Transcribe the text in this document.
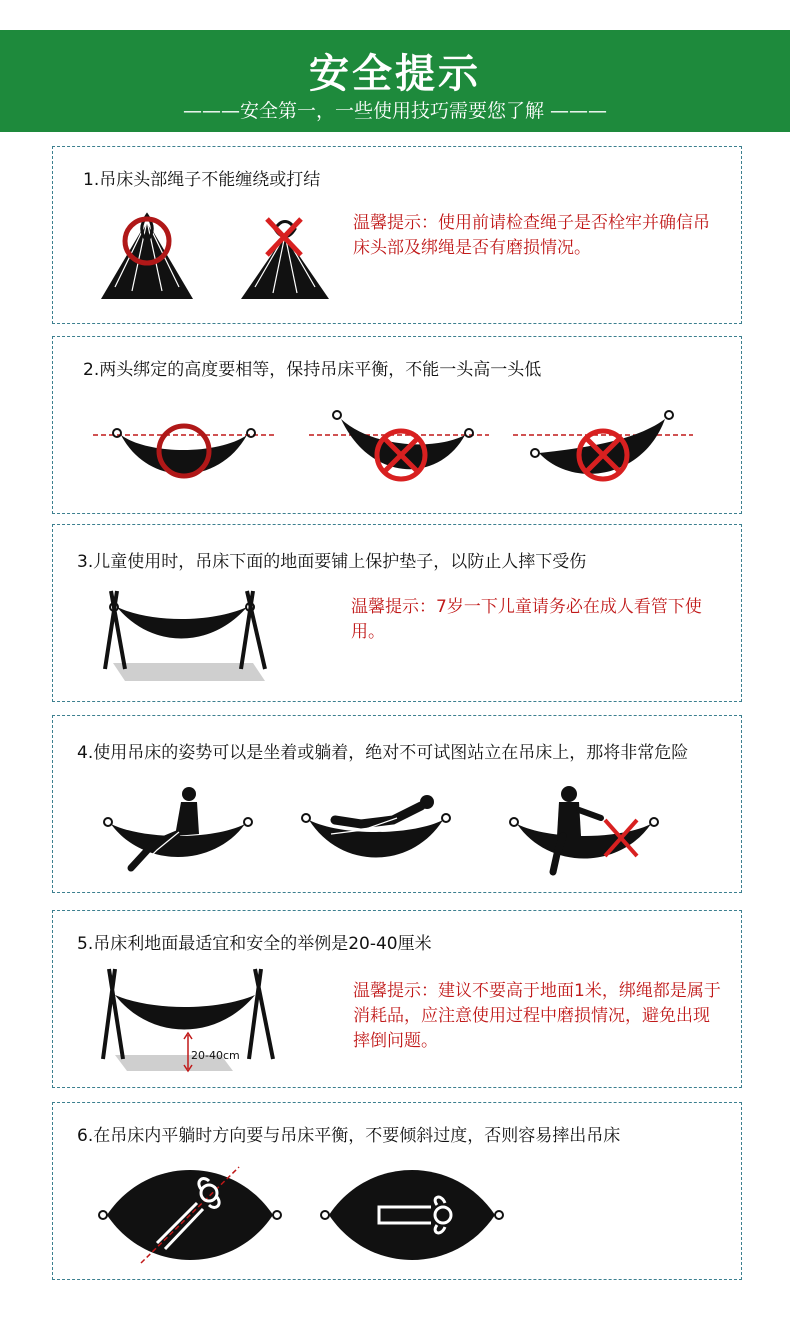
安全提示
———安全第一，一些使用技巧需要您了解 ———
1.吊床头部绳子不能缠绕或打结
温馨提示：使用前请检查绳子是否栓牢并确信吊床头部及绑绳是否有磨损情况。
2.两头绑定的高度要相等，保持吊床平衡，不能一头高一头低
3.儿童使用时，吊床下面的地面要铺上保护垫子，以防止人摔下受伤
温馨提示：7岁一下儿童请务必在成人看管下使用。
4.使用吊床的姿势可以是坐着或躺着，绝对不可试图站立在吊床上，那将非常危险
5.吊床利地面最适宜和安全的举例是20-40厘米
温馨提示：建议不要高于地面1米，绑绳都是属于消耗品，应注意使用过程中磨损情况，避免出现摔倒问题。
20-40cm
6.在吊床内平躺时方向要与吊床平衡，不要倾斜过度，否则容易摔出吊床
